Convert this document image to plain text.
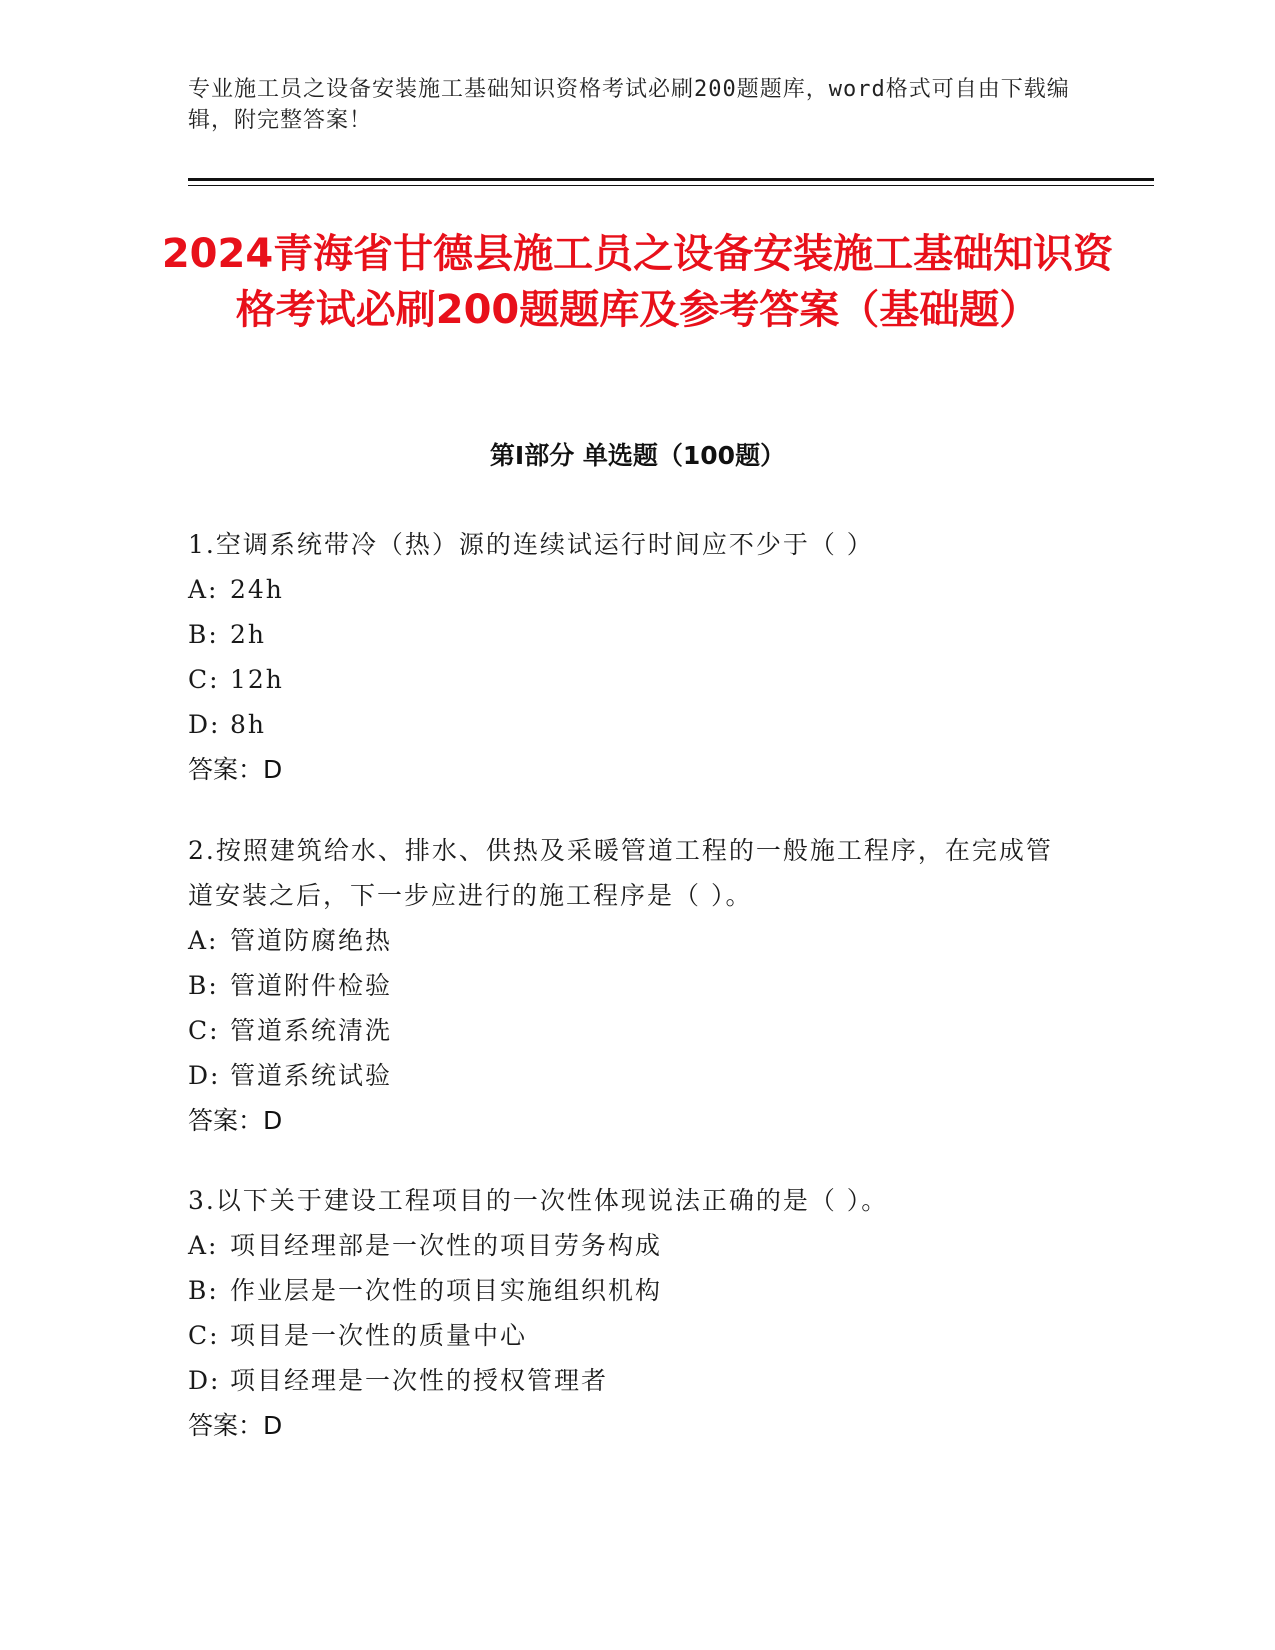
专业施工员之设备安装施工基础知识资格考试必刷200题题库，word格式可自由下载编辑，附完整答案！
2024青海省甘德县施工员之设备安装施工基础知识资格考试必刷200题题库及参考答案（基础题）
第I部分 单选题（100题）

1.空调系统带冷（热）源的连续试运行时间应不少于（ ）

A: 24h
B: 2h
C: 12h
D: 8h
答案：D

2.按照建筑给水、排水、供热及采暖管道工程的一般施工程序，在完成管道安装之后，下一步应进行的施工程序是（ ）。

A: 管道防腐绝热
B: 管道附件检验
C: 管道系统清洗
D: 管道系统试验
答案：D

3.以下关于建设工程项目的一次性体现说法正确的是（ ）。

A: 项目经理部是一次性的项目劳务构成
B: 作业层是一次性的项目实施组织机构
C: 项目是一次性的质量中心
D: 项目经理是一次性的授权管理者
答案：D
